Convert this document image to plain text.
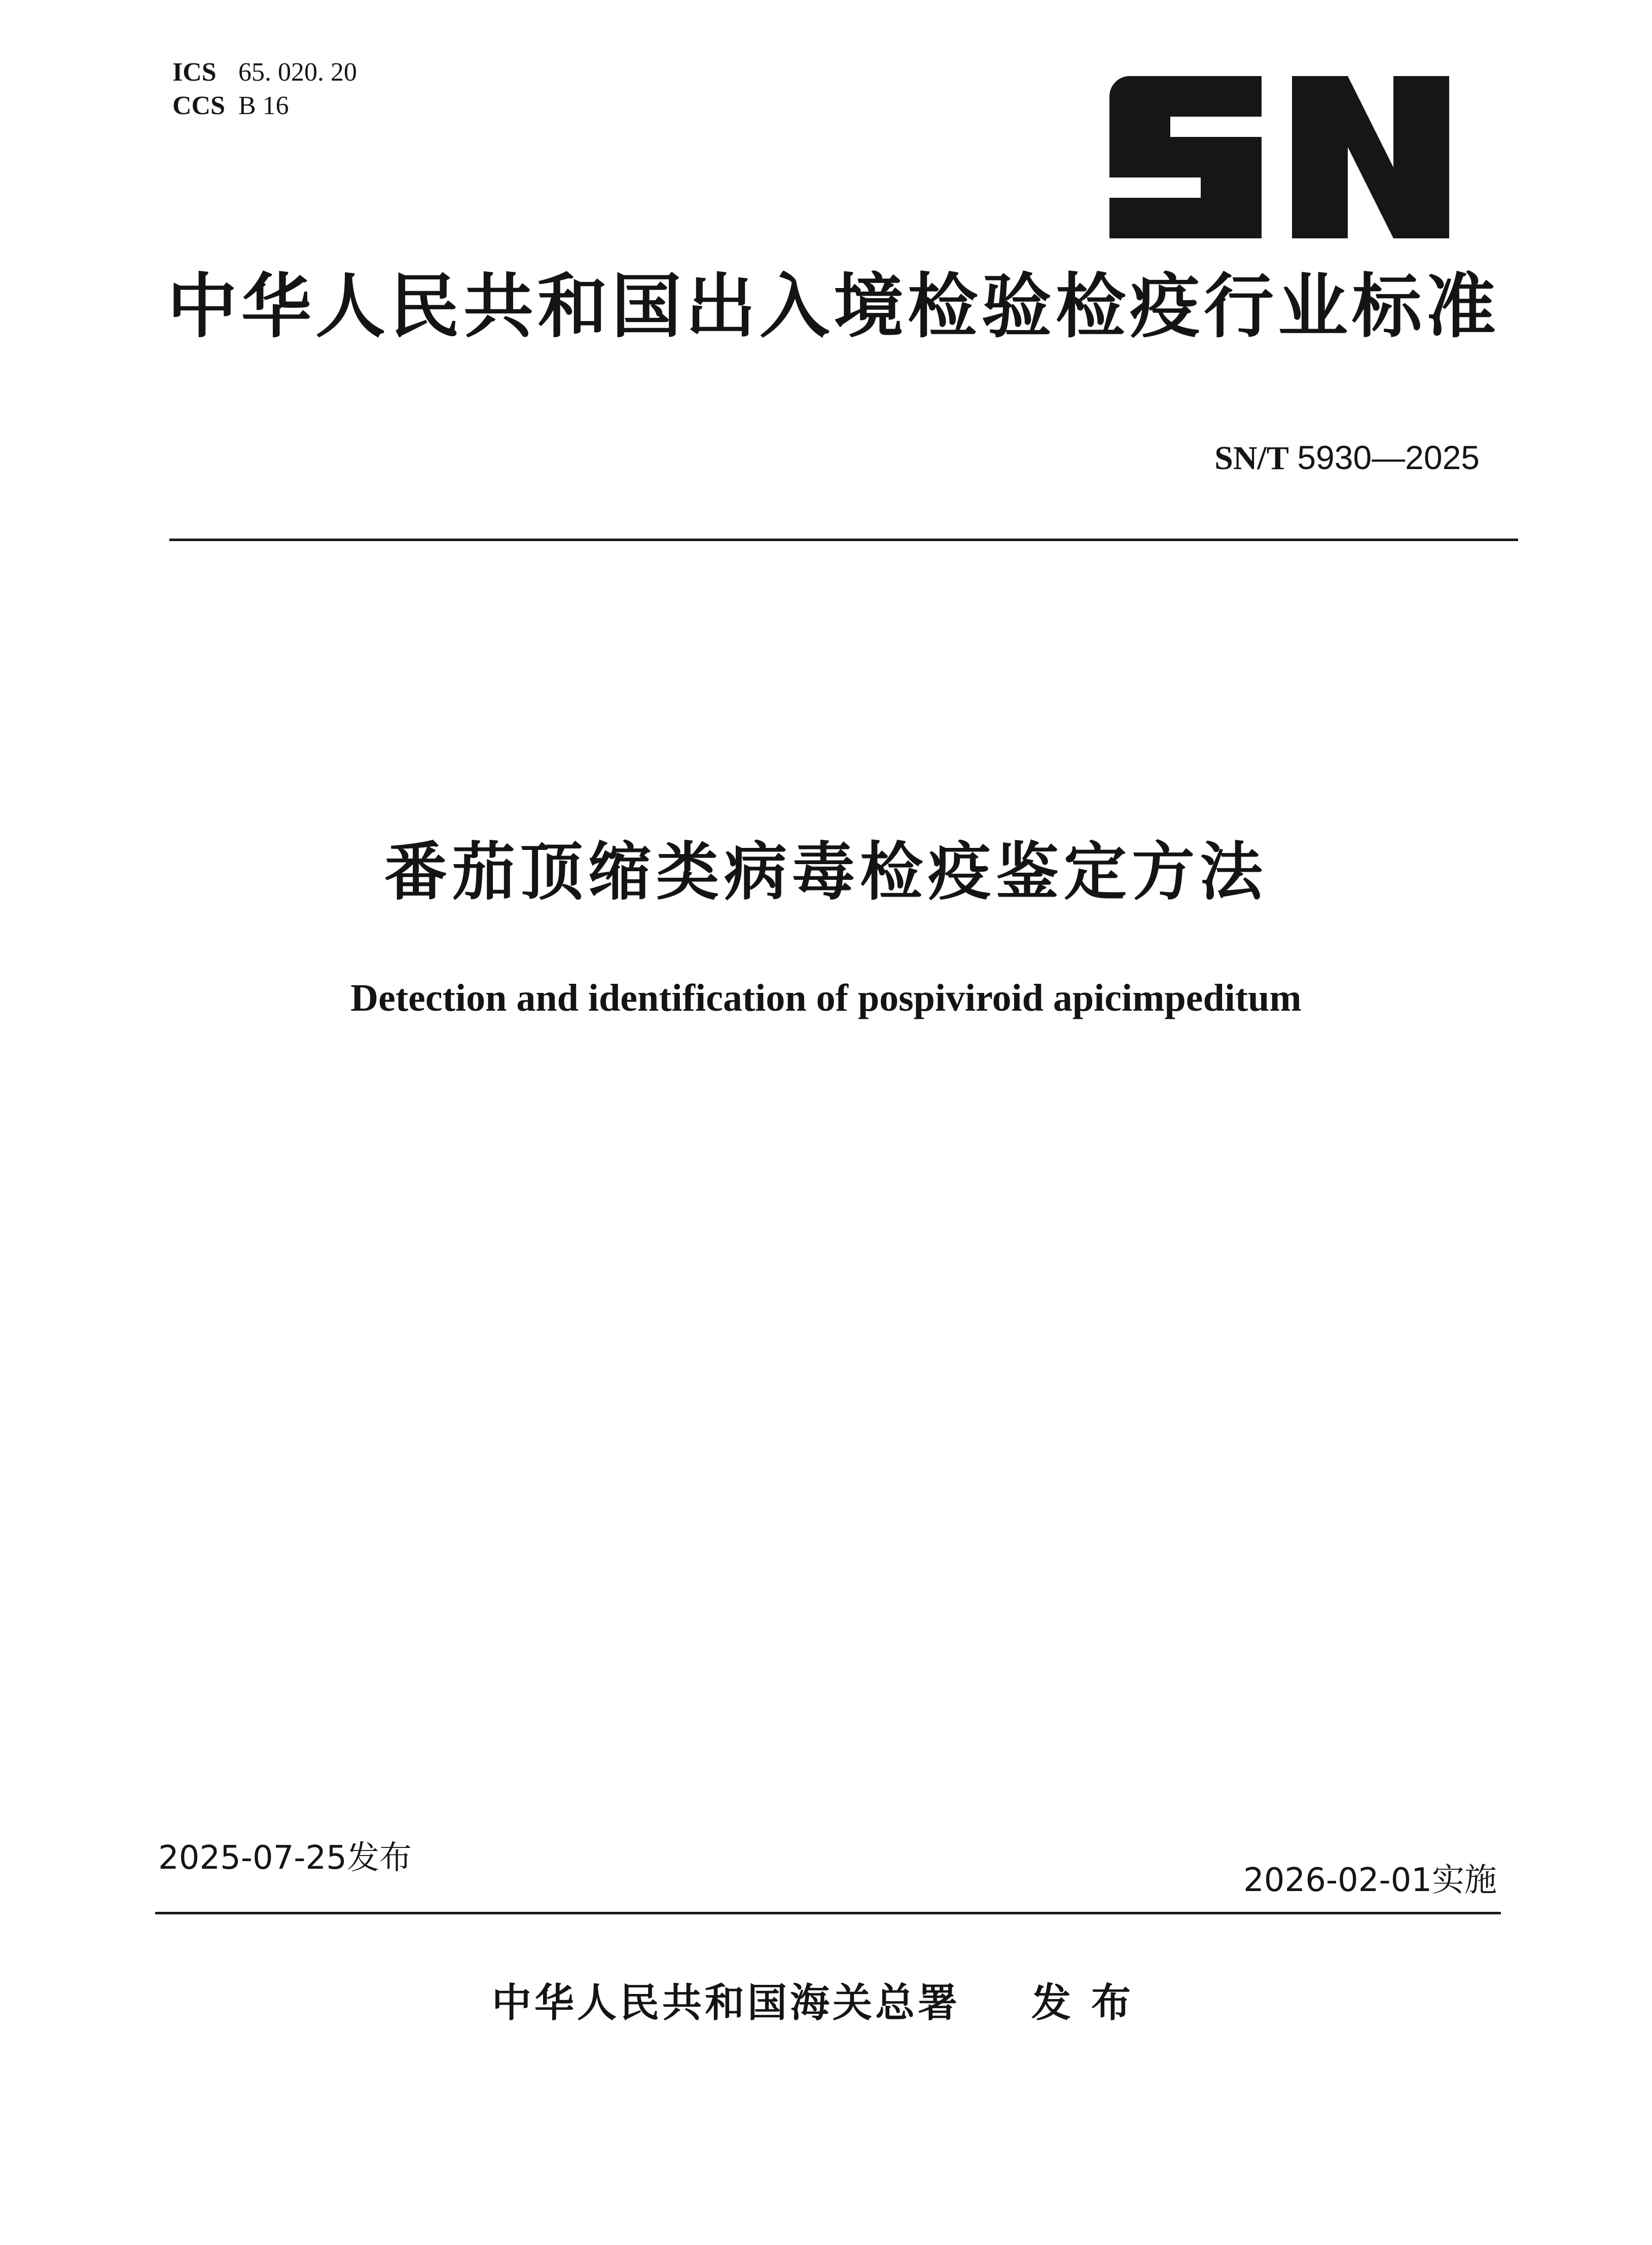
ICS 65. 020. 20
CCS B 16
中华人民共和国出入境检验检疫行业标准
SN/T 5930—2025
番茄顶缩类病毒检疫鉴定方法
Detection and identification of pospiviroid apicimpeditum
2025-07-25发布
2026-02-01实施
中华人民共和国海关总署 发布
